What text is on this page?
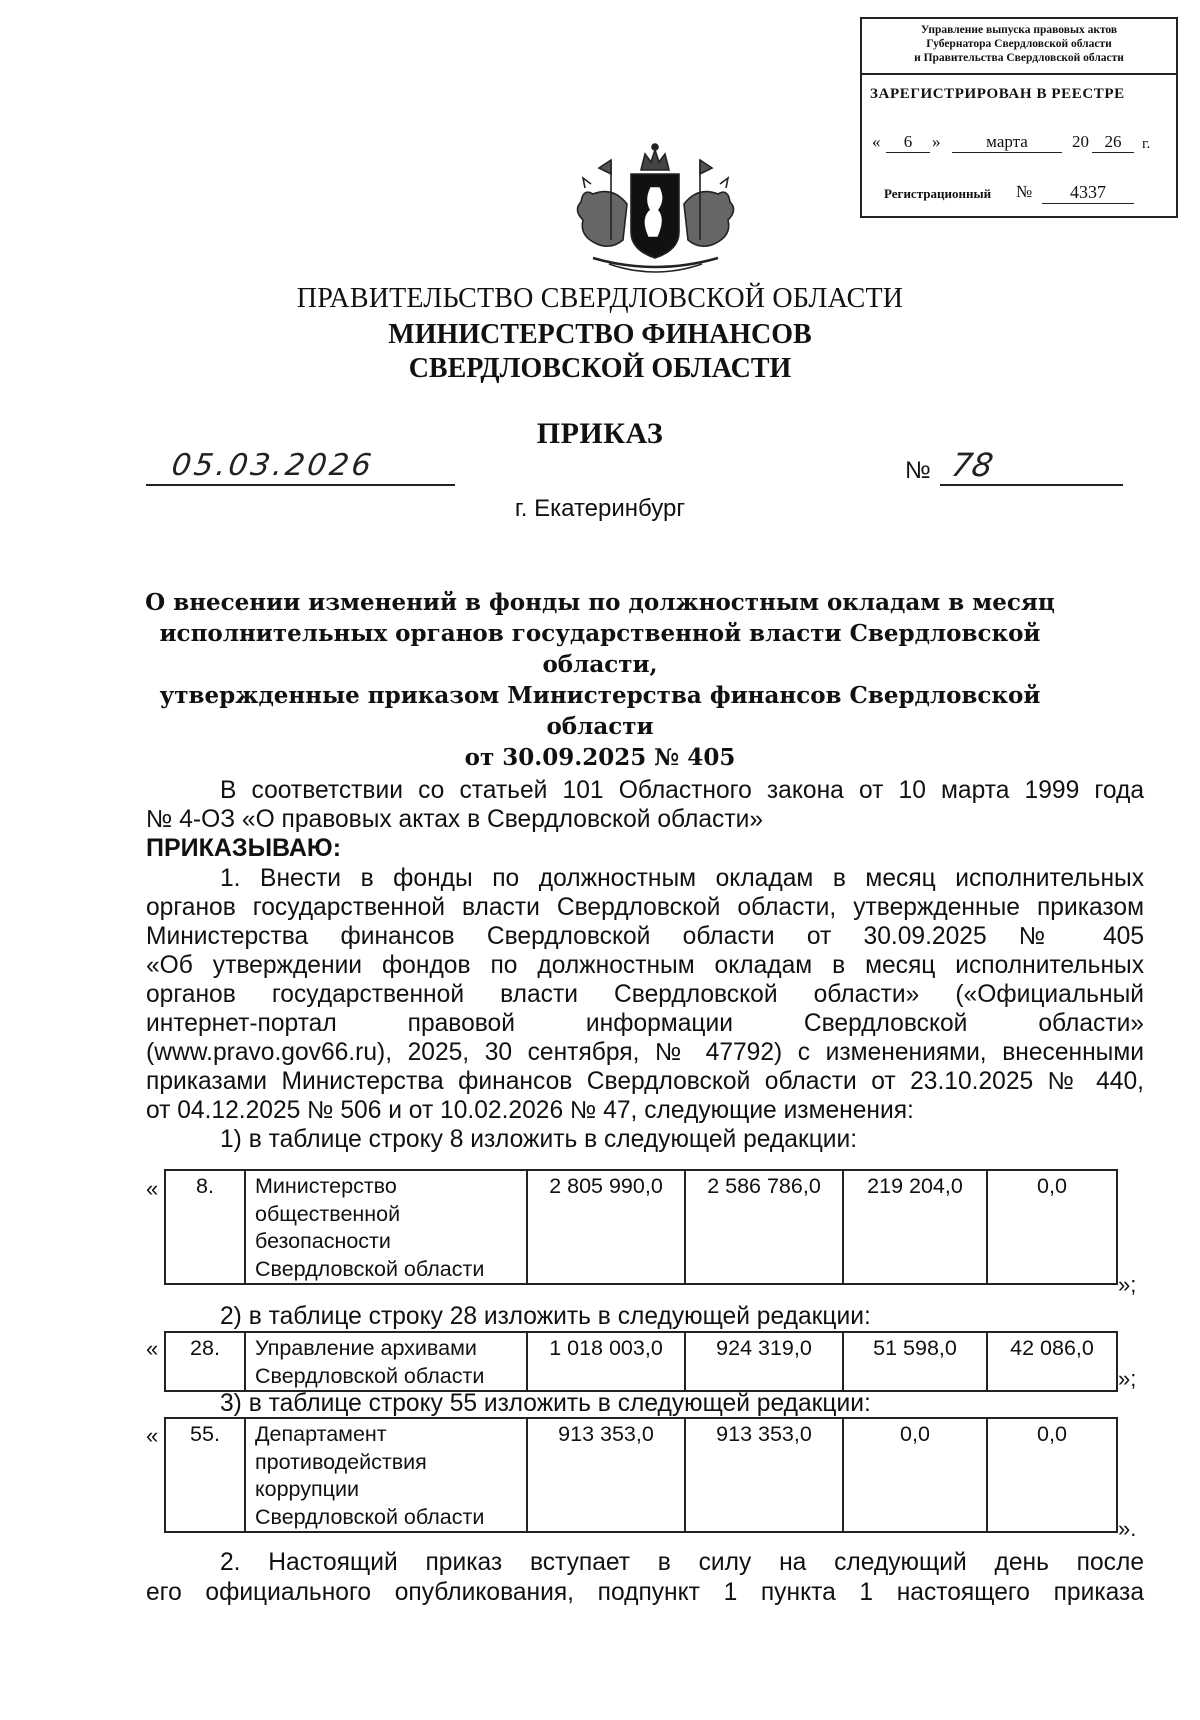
Управление выпуска правовых актов
Губернатора Свердловской области
и Правительства Свердловской области
ЗАРЕГИСТРИРОВАН В РЕЕСТРЕ
«	6	»	марта	20 26	г.
Регистрационный №	4337
ПРАВИТЕЛЬСТВО СВЕРДЛОВСКОЙ ОБЛАСТИ
МИНИСТЕРСТВО ФИНАНСОВ
СВЕРДЛОВСКОЙ ОБЛАСТИ
ПРИКАЗ
05.03.2026	№ 78
г. Екатеринбург
О внесении изменений в фонды по должностным окладам в месяц
исполнительных органов государственной власти Свердловской области,
утвержденные приказом Министерства финансов Свердловской области
от 30.09.2025 № 405
В соответствии со статьей 101 Областного закона от 10 марта 1999 года
№ 4-ОЗ «О правовых актах в Свердловской области»
ПРИКАЗЫВАЮ:
1. Внести в фонды по должностным окладам в месяц исполнительных
органов государственной власти Свердловской области, утвержденные приказом
Министерства финансов Свердловской области от 30.09.2025 № 405
«Об утверждении фондов по должностным окладам в месяц исполнительных
органов государственной власти Свердловской области» («Официальный
интернет-портал правовой информации Свердловской области»
(www.pravo.gov66.ru), 2025, 30 сентября, № 47792) с изменениями, внесенными
приказами Министерства финансов Свердловской области от 23.10.2025 № 440,
от 04.12.2025 № 506 и от 10.02.2026 № 47, следующие изменения:
1) в таблице строку 8 изложить в следующей редакции:
« 8.	Министерство
общественной
безопасности
Свердловской области
	2 805 990,0	2 586 786,0	219 204,0	0,0
»;
2) в таблице строку 28 изложить в следующей редакции:
« 28.	Управление архивами
Свердловской области
	1 018 003,0	924 319,0	51 598,0	42 086,0
»;
3) в таблице строку 55 изложить в следующей редакции:
« 55.	Департамент
противодействия
коррупции
Свердловской области
	913 353,0	913 353,0	0,0	0,0
».
2. Настоящий приказ вступает в силу на следующий день после
его официального опубликования, подпункт 1 пункта 1 настоящего приказа
